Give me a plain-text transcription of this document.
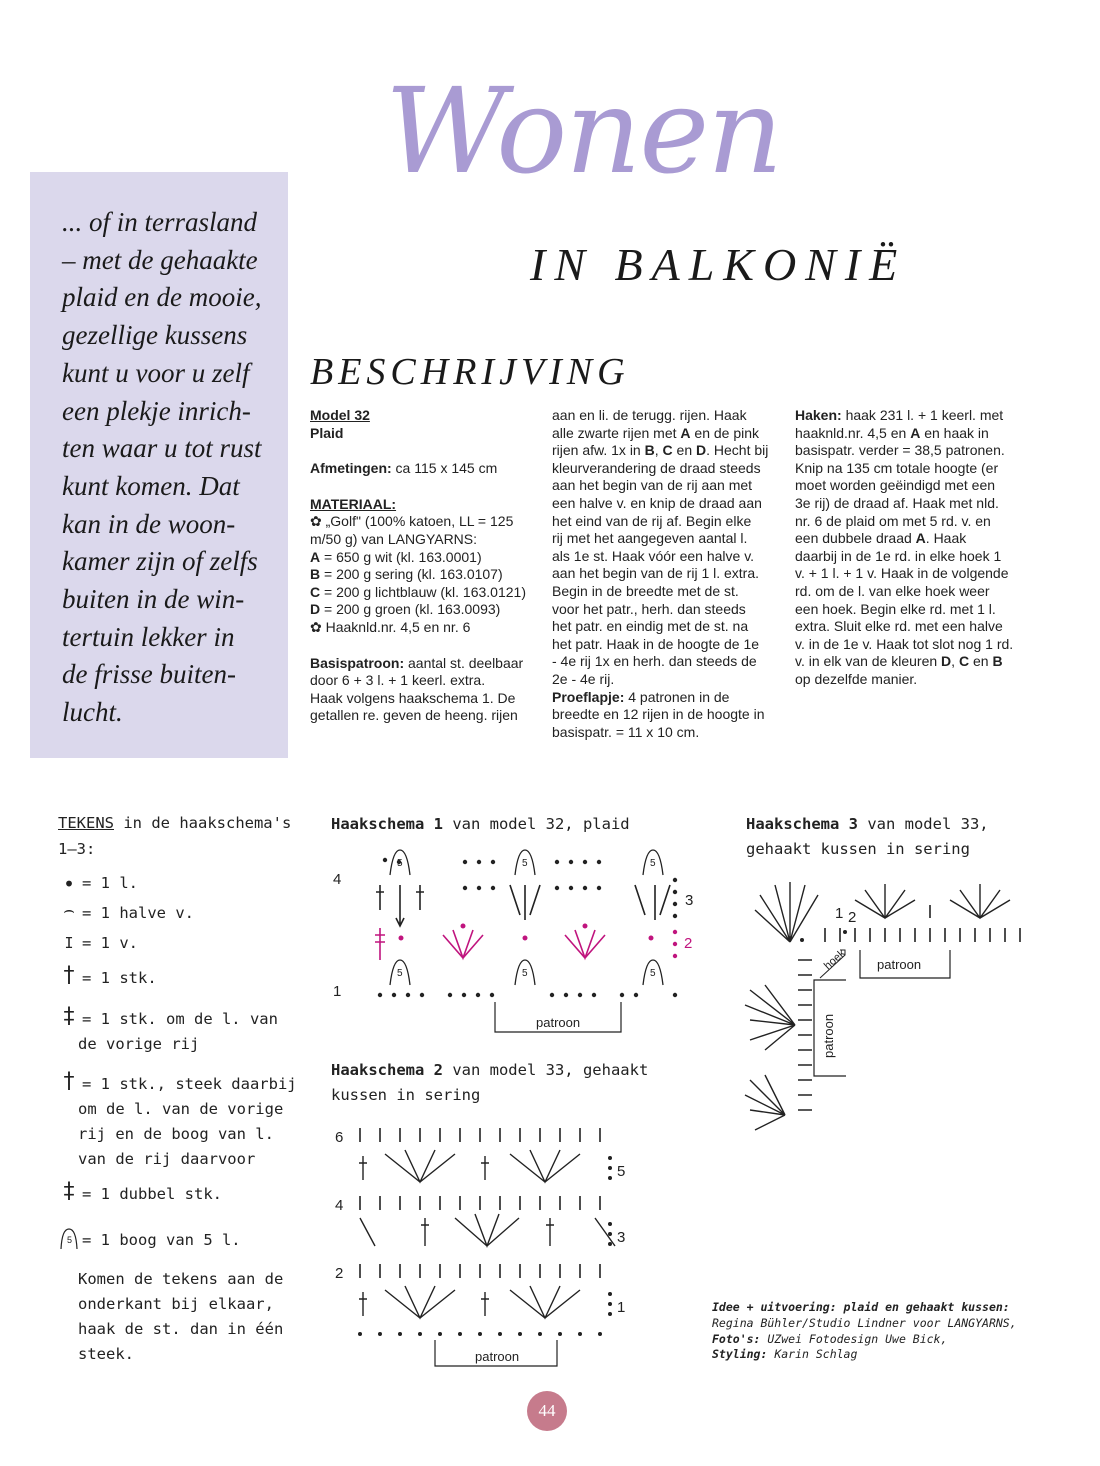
Wonen
IN BALKONIË
... of in terrasland
– met de gehaakte
plaid en de mooie,
gezellige kussens
kunt u voor u zelf
een plekje inrich-
ten waar u tot rust
kunt komen. Dat
kan in de woon-
kamer zijn of zelfs
buiten in de win-
tertuin lekker in
de frisse buiten-
lucht.
BESCHRIJVING
Model 32
Plaid
Afmetingen: ca 115 x 145 cm
MATERIAAL:
✿ „Golf" (100% katoen, LL = 125
m/50 g) van LANGYARNS:
A = 650 g wit (kl. 163.0001)
B = 200 g sering (kl. 163.0107)
C = 200 g lichtblauw (kl. 163.0121)
D = 200 g groen (kl. 163.0093)
✿ Haaknld.nr. 4,5 en nr. 6
Basispatroon: aantal st. deelbaar
door 6 + 3 l. + 1 keerl. extra.
Haak volgens haakschema 1. De
getallen re. geven de heeng. rijen
aan en li. de terugg. rijen. Haak
alle zwarte rijen met A en de pink
rijen afw. 1x in B, C en D. Hecht bij
kleurverandering de draad steeds
aan het begin van de rij aan met
een halve v. en knip de draad aan
het eind van de rij af. Begin elke
rij met het aangegeven aantal l.
als 1e st. Haak vóór een halve v.
aan het begin van de rij 1 l. extra.
Begin in de breedte met de st.
voor het patr., herh. dan steeds
het patr. en eindig met de st. na
het patr. Haak in de hoogte de 1e
- 4e rij 1x en herh. dan steeds de
2e - 4e rij.
Proeflapje: 4 patronen in de
breedte en 12 rijen in de hoogte in
basispatr. = 11 x 10 cm.
Haken: haak 231 l. + 1 keerl. met
haaknld.nr. 4,5 en A en haak in
basispatr. verder = 38,5 patronen.
Knip na 135 cm totale hoogte (er
moet worden geëindigd met een
3e rij) de draad af. Haak met nld.
nr. 6 de plaid om met 5 rd. v. en
een dubbele draad A. Haak
daarbij in de 1e rd. in elke hoek 1
v. + 1 l. + 1 v. Haak in de volgende
rd. om de l. van elke hoek weer
een hoek. Begin elke rd. met 1 l.
extra. Sluit elke rd. met een halve
v. in de 1e v. Haak tot slot nog 1 rd.
v. in elk van de kleuren D, C en B
op dezelfde manier.
TEKENS in de haakschema's
1–3:
• = 1 l.
⌢ = 1 halve v.
I = 1 v.
† = 1 stk.
‡ = 1 stk. om de l. van
de vorige rij
† = 1 stk., steek daarbij
om de l. van de vorige
rij en de boog van l.
van de rij daarvoor
‡ = 1 dubbel stk.
5 = 1 boog van 5 l.
Komen de tekens aan de
onderkant bij elkaar,
haak de st. dan in één
steek.
Haakschema 1 van model 32, plaid
4
3
2
1
5	5	5
5	5	5
patroon
Haakschema 2 van model 33, gehaakt
kussen in sering
6
5
4
3
2
1
patroon
Haakschema 3 van model 33,
gehaakt kussen in sering
1 2
hoek patroon
patroon
Idee + uitvoering: plaid en gehaakt kussen:
Regina Bühler/Studio Lindner voor LANGYARNS,
Foto's: UZwei Fotodesign Uwe Bick,
Styling: Karin Schlag
44
